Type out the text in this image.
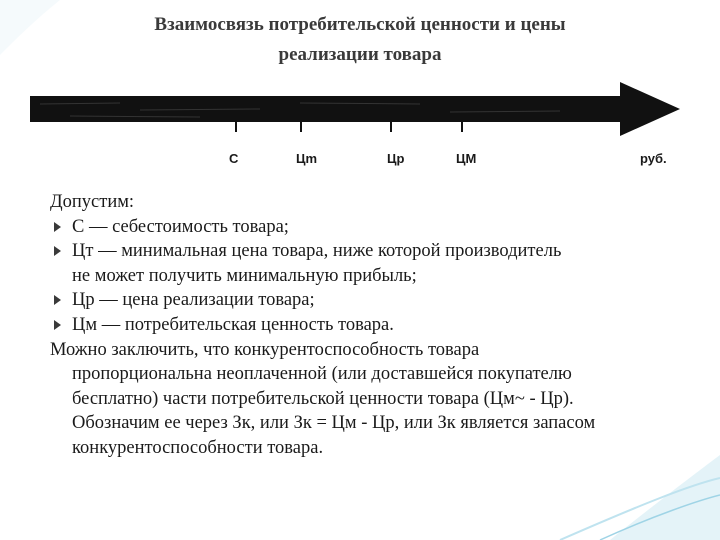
Взаимосвязь потребительской ценности и цены
реализации товара
С	Цm	Цр	ЦM	руб.
Допустим:
С — себестоимость товара;
Цт — минимальная цена товара, ниже которой производитель
не может получить минимальную прибыль;
Цр — цена реализации товара;
Цм — потребительская ценность товара.
Можно заключить, что конкурентоспособность товара
пропорциональна неоплаченной (или доставшейся покупателю
бесплатно) части потребительской ценности товара (Цм~ - Цр).
Обозначим ее через Зк, или Зк = Цм - Цр, или Зк является запасом
конкурентоспособности товара.
